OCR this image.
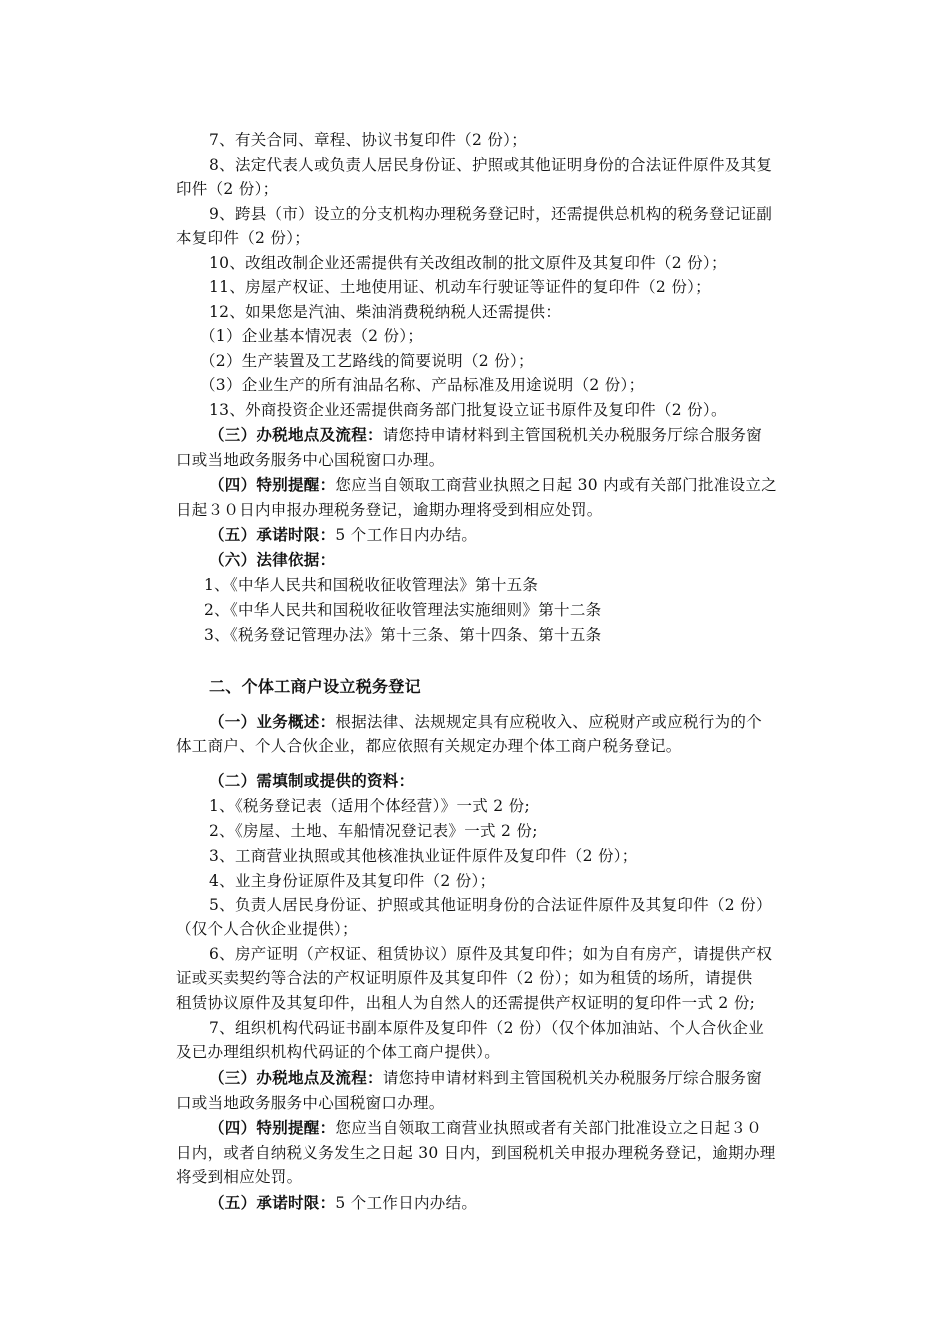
7、有关合同、章程、协议书复印件（2 份）；
8、法定代表人或负责人居民身份证、护照或其他证明身份的合法证件原件及其复
印件（2 份）；
9、跨县（市）设立的分支机构办理税务登记时，还需提供总机构的税务登记证副
本复印件（2 份）；
10、改组改制企业还需提供有关改组改制的批文原件及其复印件（2 份）；
11、房屋产权证、土地使用证、机动车行驶证等证件的复印件（2 份）；
12、如果您是汽油、柴油消费税纳税人还需提供：
（1）企业基本情况表（2 份）；
（2）生产装置及工艺路线的简要说明（2 份）；
（3）企业生产的所有油品名称、产品标准及用途说明（2 份）；
13、外商投资企业还需提供商务部门批复设立证书原件及复印件（2 份）。
（三）办税地点及流程：请您持申请材料到主管国税机关办税服务厅综合服务窗
口或当地政务服务中心国税窗口办理。
（四）特别提醒：您应当自领取工商营业执照之日起 30 内或有关部门批准设立之
日起３０日内申报办理税务登记，逾期办理将受到相应处罚。
（五）承诺时限：5 个工作日内办结。
（六）法律依据：
1、《中华人民共和国税收征收管理法》第十五条
2、《中华人民共和国税收征收管理法实施细则》第十二条
3、《税务登记管理办法》第十三条、第十四条、第十五条
二、个体工商户设立税务登记
（一）业务概述：根据法律、法规规定具有应税收入、应税财产或应税行为的个
体工商户、个人合伙企业，都应依照有关规定办理个体工商户税务登记。
（二）需填制或提供的资料：
1、《税务登记表（适用个体经营）》一式 2 份;
2、《房屋、土地、车船情况登记表》一式 2 份;
3、工商营业执照或其他核准执业证件原件及复印件（2 份）；
4、业主身份证原件及其复印件（2 份）；
5、负责人居民身份证、护照或其他证明身份的合法证件原件及其复印件（2 份）
（仅个人合伙企业提供）；
6、房产证明（产权证、租赁协议）原件及其复印件；如为自有房产，请提供产权
证或买卖契约等合法的产权证明原件及其复印件（2 份）；如为租赁的场所，请提供
租赁协议原件及其复印件，出租人为自然人的还需提供产权证明的复印件一式 2 份;
7、组织机构代码证书副本原件及复印件（2 份）（仅个体加油站、个人合伙企业
及已办理组织机构代码证的个体工商户提供）。
（三）办税地点及流程：请您持申请材料到主管国税机关办税服务厅综合服务窗
口或当地政务服务中心国税窗口办理。
（四）特别提醒：您应当自领取工商营业执照或者有关部门批准设立之日起３０
日内，或者自纳税义务发生之日起 30 日内，到国税机关申报办理税务登记，逾期办理
将受到相应处罚。
（五）承诺时限：5 个工作日内办结。
